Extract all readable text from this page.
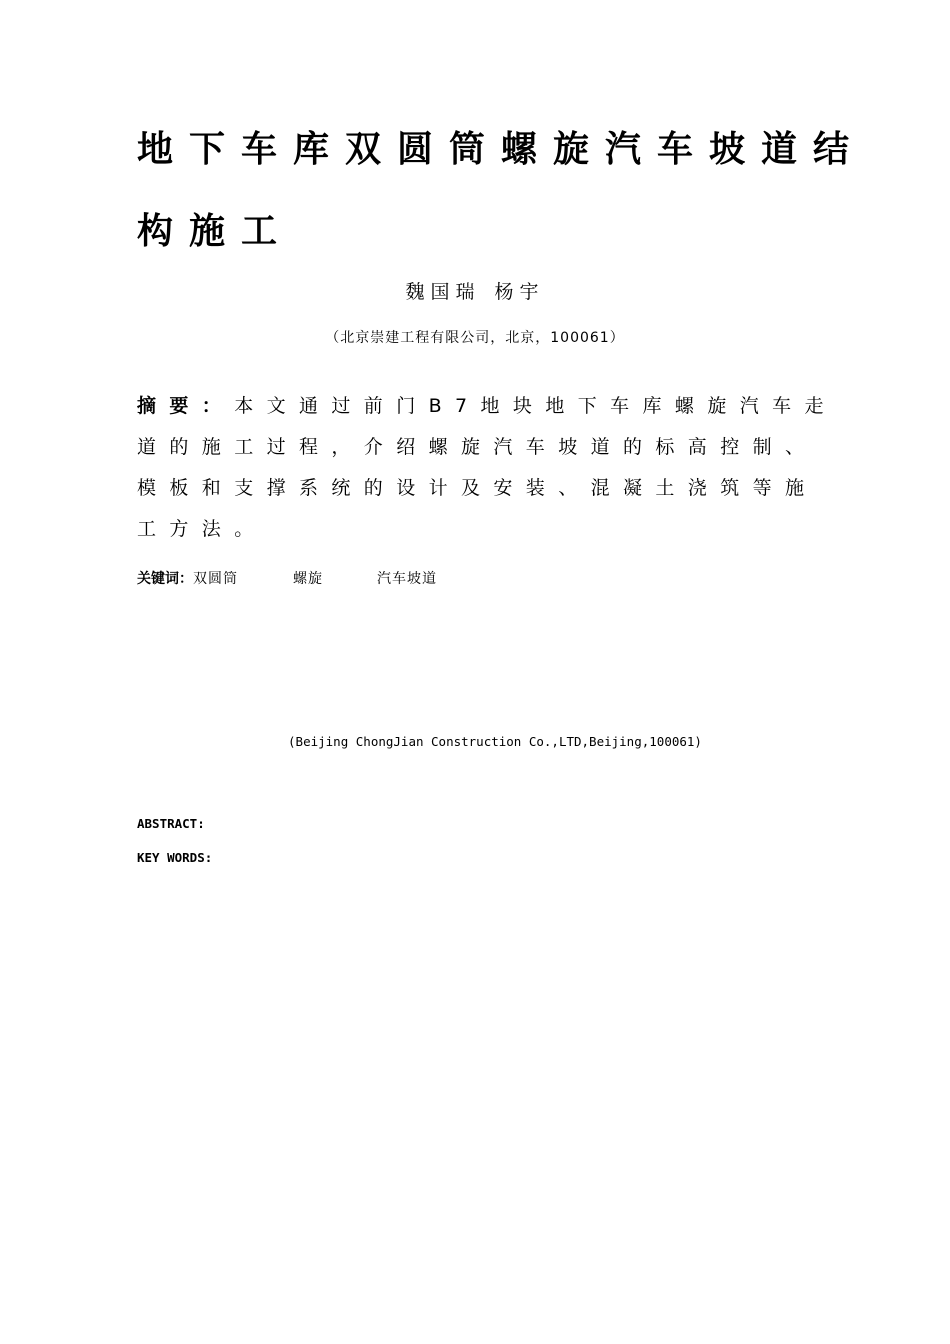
地下车库双圆筒螺旋汽车坡道结
构施工
魏国瑞 杨宇
（北京崇建工程有限公司，北京，100061）
摘要：本文通过前门B7地块地下车库螺旋汽车走道的施工过程，介绍螺旋汽车坡道的标高控制、模板和支撑系统的设计及安装、混凝土浇筑等施工方法。
关键词：双圆筒	螺旋	汽车坡道
(Beijing ChongJian Construction Co.,LTD,Beijing,100061)
ABSTRACT:
KEY WORDS:
